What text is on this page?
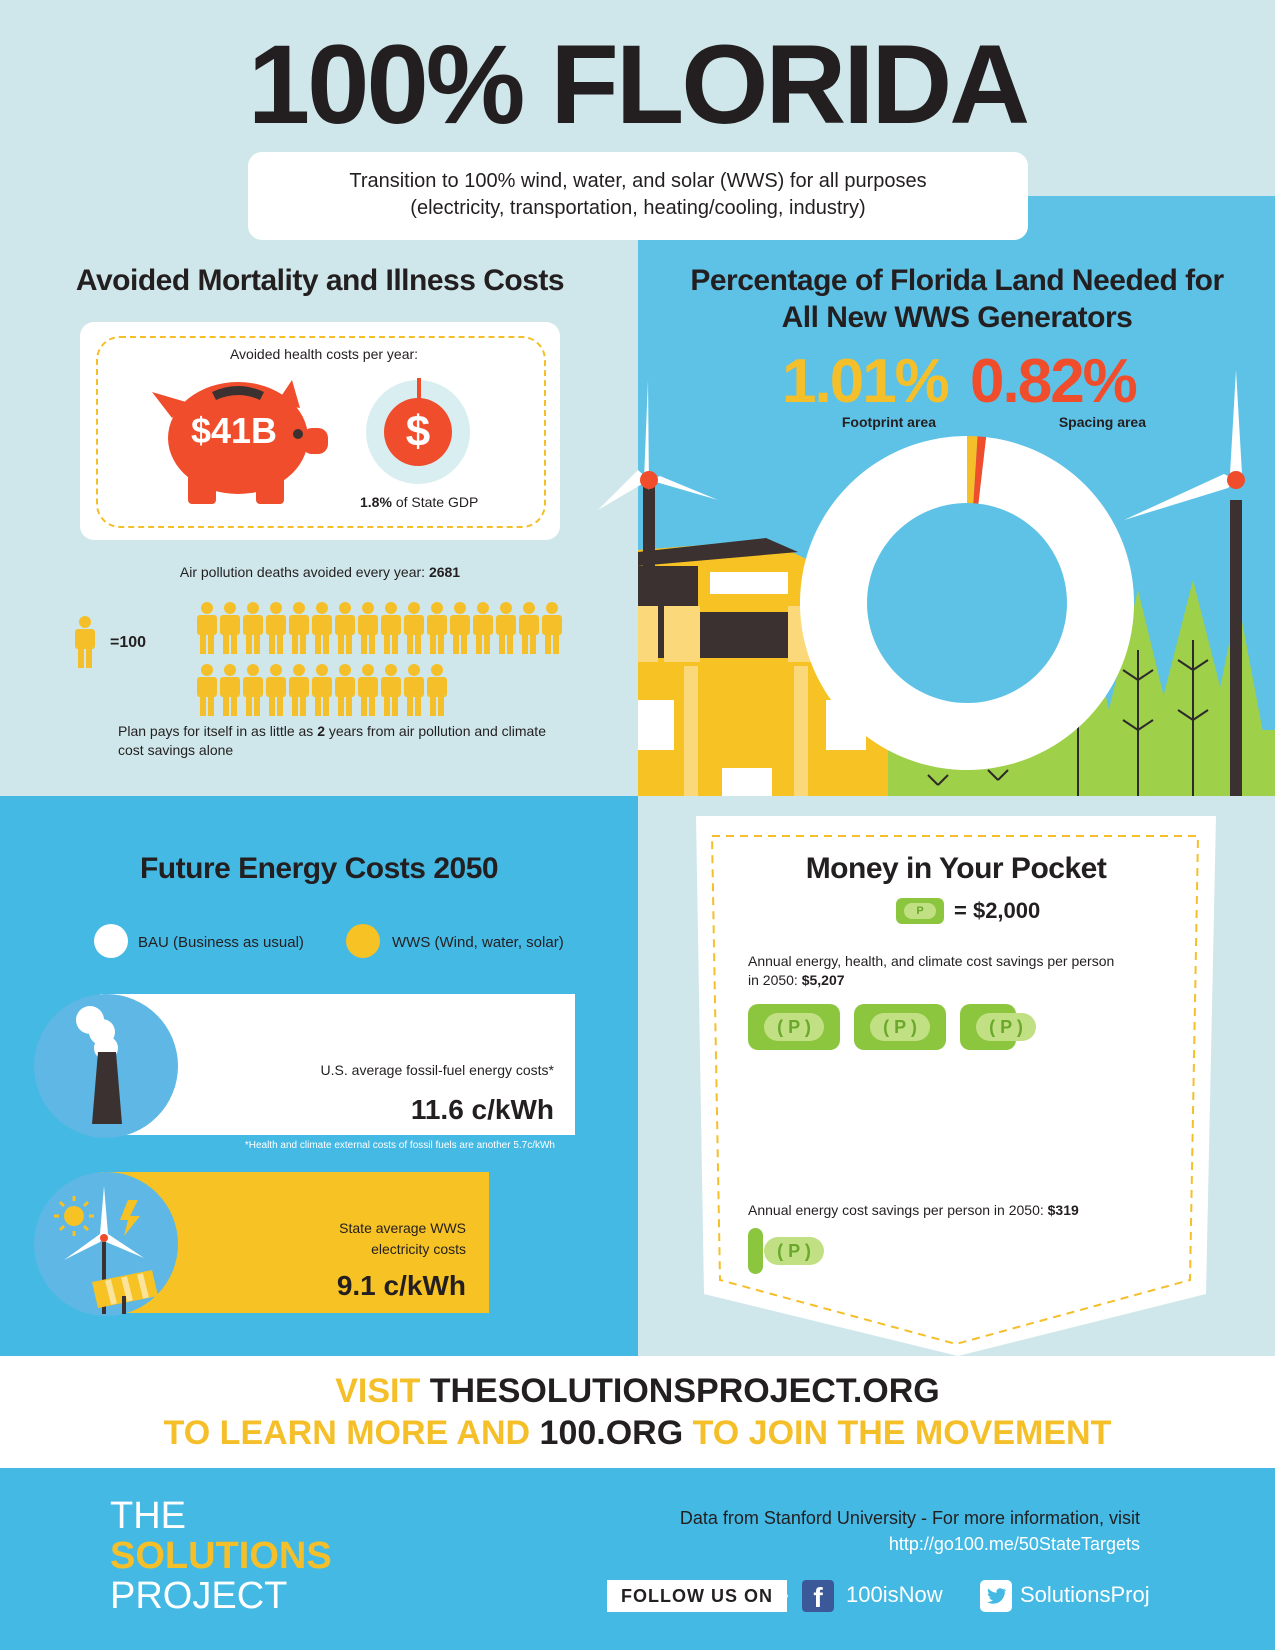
100% FLORIDA
Transition to 100% wind, water, and solar (WWS) for all purposes
(electricity, transportation, heating/cooling, industry)
Avoided Mortality and Illness Costs
Avoided health costs per year:
$41B	$
1.8% of State GDP
Air pollution deaths avoided every year: 2681
=100
Plan pays for itself in as little as 2 years from air pollution and climate
cost savings alone
Percentage of Florida Land Needed for
All New WWS Generators
1.01% 0.82%
Footprint area	Spacing area
Future Energy Costs 2050
BAU (Business as usual)	WWS (Wind, water, solar)
U.S. average fossil-fuel energy costs*
11.6 c/kWh
*Health and climate external costs of fossil fuels are another 5.7c/kWh
State average WWS
electricity costs
9.1 c/kWh
Money in Your Pocket
P	= $2,000
Annual energy, health, and climate cost savings per person
in 2050: $5,207
( P )	( P )	( P )
Annual energy cost savings per person in 2050: $319
( P )
VISIT THESOLUTIONSPROJECT.ORG
TO LEARN MORE AND 100.ORG TO JOIN THE MOVEMENT
THE
SOLUTIONS
PROJECT
Data from Stanford University - For more information, visit
http://go100.me/50StateTargets
FOLLOW US ON	f	100isNow	SolutionsProj
